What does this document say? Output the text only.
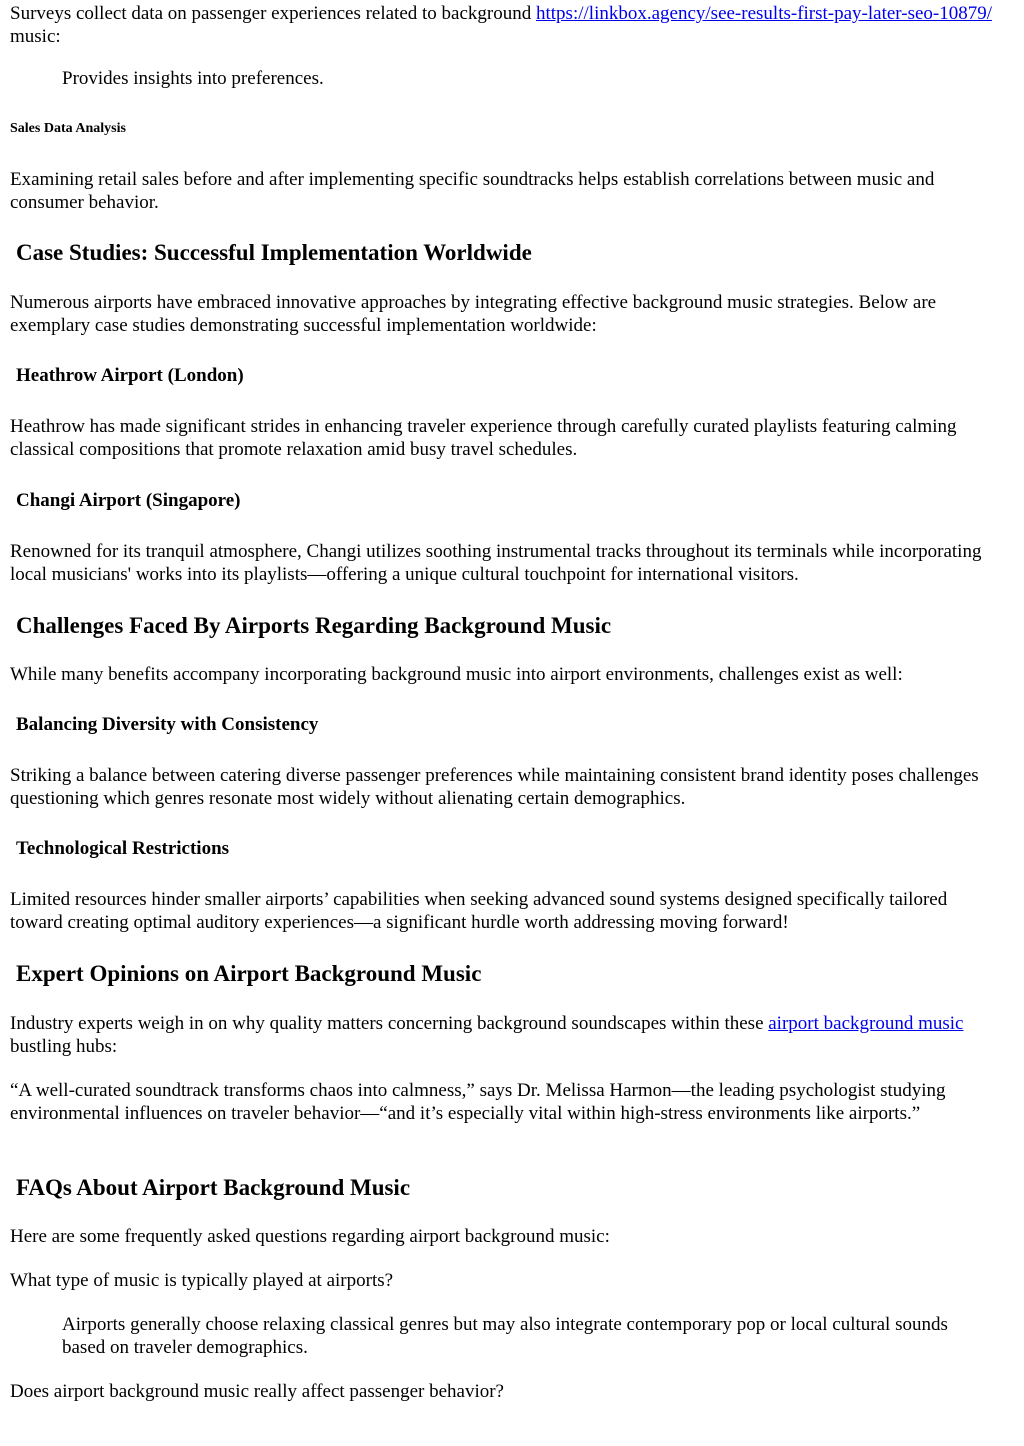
Surveys collect data on passenger experiences related to background https://linkbox.agency/see-results-first-pay-later-seo-10879/ music:

Provides insights into preferences.

Sales Data Analysis

Examining retail sales before and after implementing specific soundtracks helps establish correlations between music and consumer behavior.

Case Studies: Successful Implementation Worldwide

Numerous airports have embraced innovative approaches by integrating effective background music strategies. Below are exemplary case studies demonstrating successful implementation worldwide:

Heathrow Airport (London)

Heathrow has made significant strides in enhancing traveler experience through carefully curated playlists featuring calming classical compositions that promote relaxation amid busy travel schedules.

Changi Airport (Singapore)

Renowned for its tranquil atmosphere, Changi utilizes soothing instrumental tracks throughout its terminals while incorporating local musicians' works into its playlists—offering a unique cultural touchpoint for international visitors.

Challenges Faced By Airports Regarding Background Music

While many benefits accompany incorporating background music into airport environments, challenges exist as well:

Balancing Diversity with Consistency

Striking a balance between catering diverse passenger preferences while maintaining consistent brand identity poses challenges questioning which genres resonate most widely without alienating certain demographics.

Technological Restrictions

Limited resources hinder smaller airports’ capabilities when seeking advanced sound systems designed specifically tailored toward creating optimal auditory experiences—a significant hurdle worth addressing moving forward!

Expert Opinions on Airport Background Music

Industry experts weigh in on why quality matters concerning background soundscapes within these airport background music bustling hubs:

“A well-curated soundtrack transforms chaos into calmness,” says Dr. Melissa Harmon—the leading psychologist studying environmental influences on traveler behavior—“and it’s especially vital within high-stress environments like airports.”

FAQs About Airport Background Music

Here are some frequently asked questions regarding airport background music:

What type of music is typically played at airports?

Airports generally choose relaxing classical genres but may also integrate contemporary pop or local cultural sounds based on traveler demographics.

Does airport background music really affect passenger behavior?
